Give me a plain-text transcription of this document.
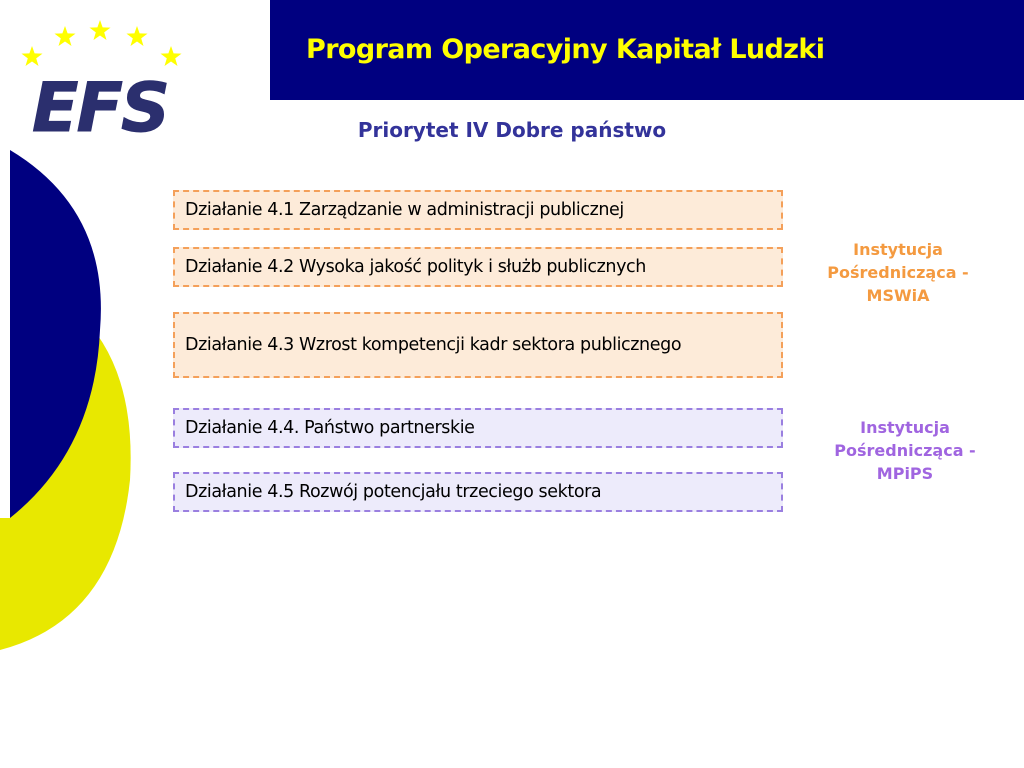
Program Operacyjny Kapitał Ludzki
EFS	Priorytet IV Dobre państwo
Działanie 4.1 Zarządzanie w administracji publicznej
Działanie 4.2 Wysoka jakość polityk i służb publicznych
Działanie 4.3 Wzrost kompetencji kadr sektora publicznego
Działanie 4.4. Państwo partnerskie
Działanie 4.5 Rozwój potencjału trzeciego sektora
Instytucja
Pośrednicząca -
MSWiA
Instytucja
Pośrednicząca -
MPiPS
